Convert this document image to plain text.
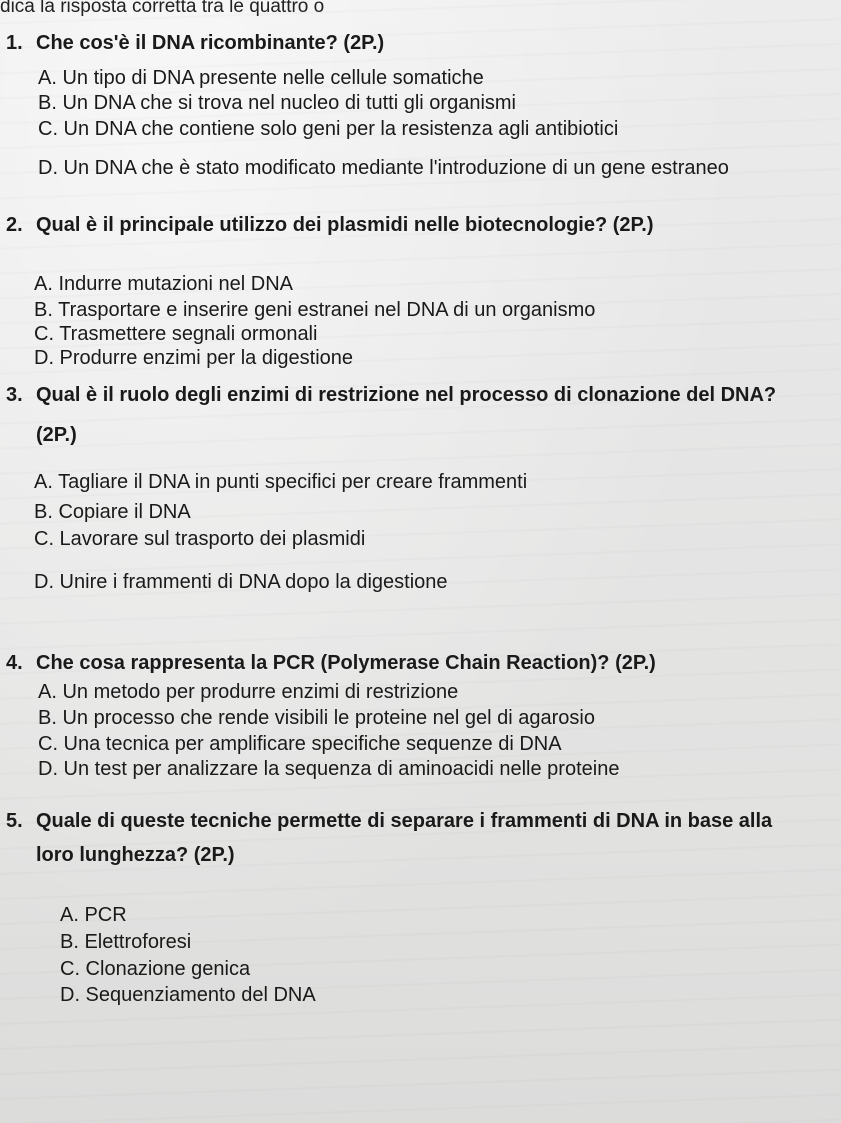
dica la risposta corretta tra le quattro o

1. Che cos'è il DNA ricombinante? (2P.)

A. Un tipo di DNA presente nelle cellule somatiche
B. Un DNA che si trova nel nucleo di tutti gli organismi
C. Un DNA che contiene solo geni per la resistenza agli antibiotici
D. Un DNA che è stato modificato mediante l'introduzione di un gene estraneo

2. Qual è il principale utilizzo dei plasmidi nelle biotecnologie? (2P.)

A. Indurre mutazioni nel DNA
B. Trasportare e inserire geni estranei nel DNA di un organismo
C. Trasmettere segnali ormonali
D. Produrre enzimi per la digestione

3. Qual è il ruolo degli enzimi di restrizione nel processo di clonazione del DNA?
(2P.)

A. Tagliare il DNA in punti specifici per creare frammenti
B. Copiare il DNA
C. Lavorare sul trasporto dei plasmidi
D. Unire i frammenti di DNA dopo la digestione

4. Che cosa rappresenta la PCR (Polymerase Chain Reaction)? (2P.)

A. Un metodo per produrre enzimi di restrizione
B. Un processo che rende visibili le proteine nel gel di agarosio
C. Una tecnica per amplificare specifiche sequenze di DNA
D. Un test per analizzare la sequenza di aminoacidi nelle proteine

5. Quale di queste tecniche permette di separare i frammenti di DNA in base alla
loro lunghezza? (2P.)

A. PCR
B. Elettroforesi
C. Clonazione genica
D. Sequenziamento del DNA
